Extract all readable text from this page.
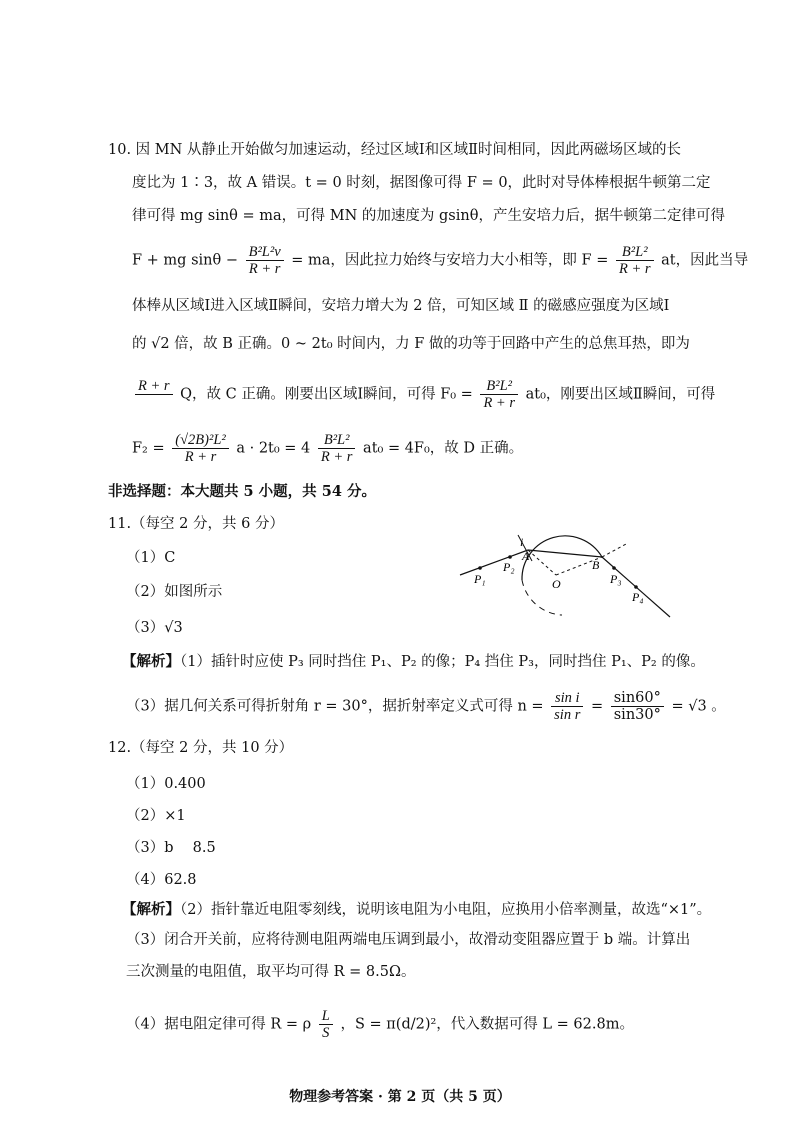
10. 因 MN 从静止开始做匀加速运动，经过区域Ⅰ和区域Ⅱ时间相同，因此两磁场区域的长
度比为 1∶3，故 A 错误。t = 0 时刻，据图像可得 F = 0，此时对导体棒根据牛顿第二定
律可得 mg sinθ = ma，可得 MN 的加速度为 gsinθ，产生安培力后，据牛顿第二定律可得
F + mg $\sin\theta - \frac{\text{B²L²v}}{R + r}$ = ma，因此拉力始终与安培力大小相等，即 $F = \frac{\text{B²L²}}{R + r}$ at，因此当导
体棒从区域Ⅰ进入区域Ⅱ瞬间，安培力增大为 2 倍，可知区域 Ⅱ 的磁感应强度为区域Ⅰ
的 √2 倍，故 B 正确。0 ~ 2t₀ 时间内，力 F 做的功等于回路中产生的总焦耳热，即为
R + r

Q，故 C 正确。刚要出区域Ⅰ瞬间，可得 $F_0 = \frac{\text{B²L²}}{R + r} at_0$，刚要出区域Ⅱ瞬间，可得
$F_2 = \frac{\text{(√2B)²L²}}{R + r}$ $a \cdot 2t_0 = 4 \frac{\text{B²L²}}{R + r} at_0 = 4F_0$，故 D 正确。
非选择题：本大题共 5 小题，共 54 分。
11.（每空 2 分，共 6 分）
（1）C
（2）如图所示
（3）√3
i
A
O
B
P₁
P₂
P₃
P₄
【解析】（1）插针时应使 P₃ 同时挡住 P₁、P₂ 的像；P₄ 挡住 P₃，同时挡住 P₁、P₂ 的像。
（3）据几何关系可得折射角 r = 30°，据折射率定义式可得 $n = \frac{\text{sin i}}{\text{sin r}} = \frac{\sin 60^\circ}{\sin 30^\circ} = √3$ 。
12.（每空 2 分，共 10 分）
（1）0.400
（2）×1
（3）b　 8.5
（4）62.8
【解析】（2）指针靠近电阻零刻线，说明该电阻为小电阻，应换用小倍率测量，故选“×1”。
（3）闭合开关前，应将待测电阻两端电压调到最小，故滑动变阻器应置于 b 端。计算出
三次测量的电阻值，取平均可得 R = 8.5Ω。
（4）据电阻定律可得 R = ρ $\frac{L}{S}$ ，S = π(d/2)²，代入数据可得 L = 62.8m。
物理参考答案 · 第 2 页（共 5 页）
